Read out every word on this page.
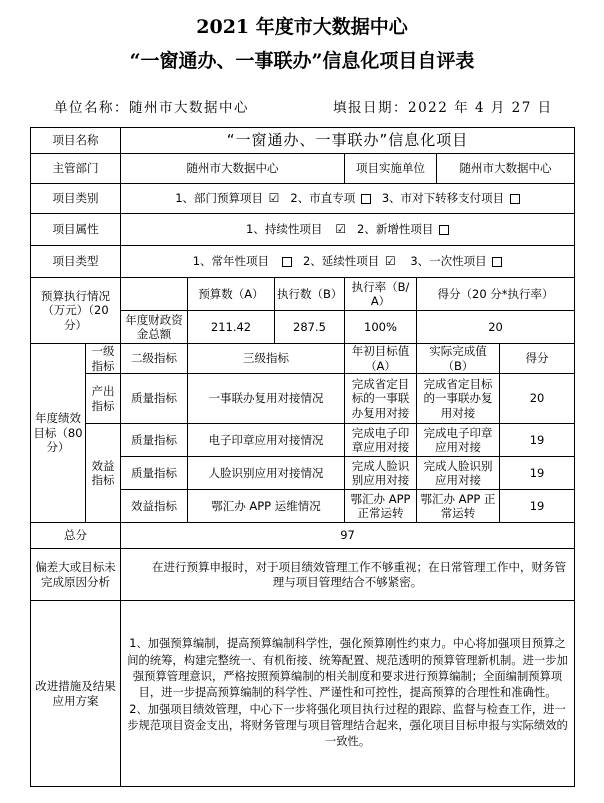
2021 年度市大数据中心
“一窗通办、一事联办”信息化项目自评表
单位名称：随州市大数据中心	填报日期：2022 年 4 月 27 日
项目名称		“一窗通办、一事联办”信息化项目						
主管部门		随州市大数据中心			项目实施单位		随州市大数据中心	
项目类别		1、部门预算项目 ☑ 2、市直专项 3、市对下转移支付项目						
项目属性		1、持续性项目 ☑ 2、新增性项目						
项目类型		1、常年性项目 2、延续性项目 ☑ 3、一次性项目						
预算执行情况（万元）（20 分）			预算数（A）	执行数（B）	执行率（B/A）	得分（20 分*执行率）		
		年度财政资金总额	211.42	287.5	100%	20		
年度绩效目标（80 分）	一级指标	二级指标	三级指标		年初目标值（A）	实际完成值（B）		得分
	产出指标	质量指标	一事联办复用对接情况		完成省定目标的一事联办复用对接	完成省定目标的一事联办复用对接		20
	效益指标	质量指标	电子印章应用对接情况		完成电子印章应用对接	完成电子印章应用对接		19
		质量指标	人脸识别应用对接情况		完成人脸识别应用对接	完成人脸识别应用对接		19
		效益指标	鄂汇办 APP 运维情况		鄂汇办 APP 正常运转	鄂汇办 APP 正常运转		19
总分		97						
偏差大或目标未完成原因分析		在进行预算申报时，对于项目绩效管理工作不够重视；在日常管理工作中，财务管理与项目管理结合不够紧密。						
改进措施及结果应用方案		1、加强预算编制，提高预算编制科学性，强化预算刚性约束力。中心将加强项目预算之间的统筹，构建完整统一、有机衔接、统筹配置、规范透明的预算管理新机制。进一步加强预算管理意识，严格按照预算编制的相关制度和要求进行预算编制；全面编制预算项目，进一步提高预算编制的科学性、严谨性和可控性，提高预算的合理性和准确性。

2、加强项目绩效管理，中心下一步将强化项目执行过程的跟踪、监督与检查工作，进一步规范项目资金支出，将财务管理与项目管理结合起来，强化项目目标申报与实际绩效的一致性。						
